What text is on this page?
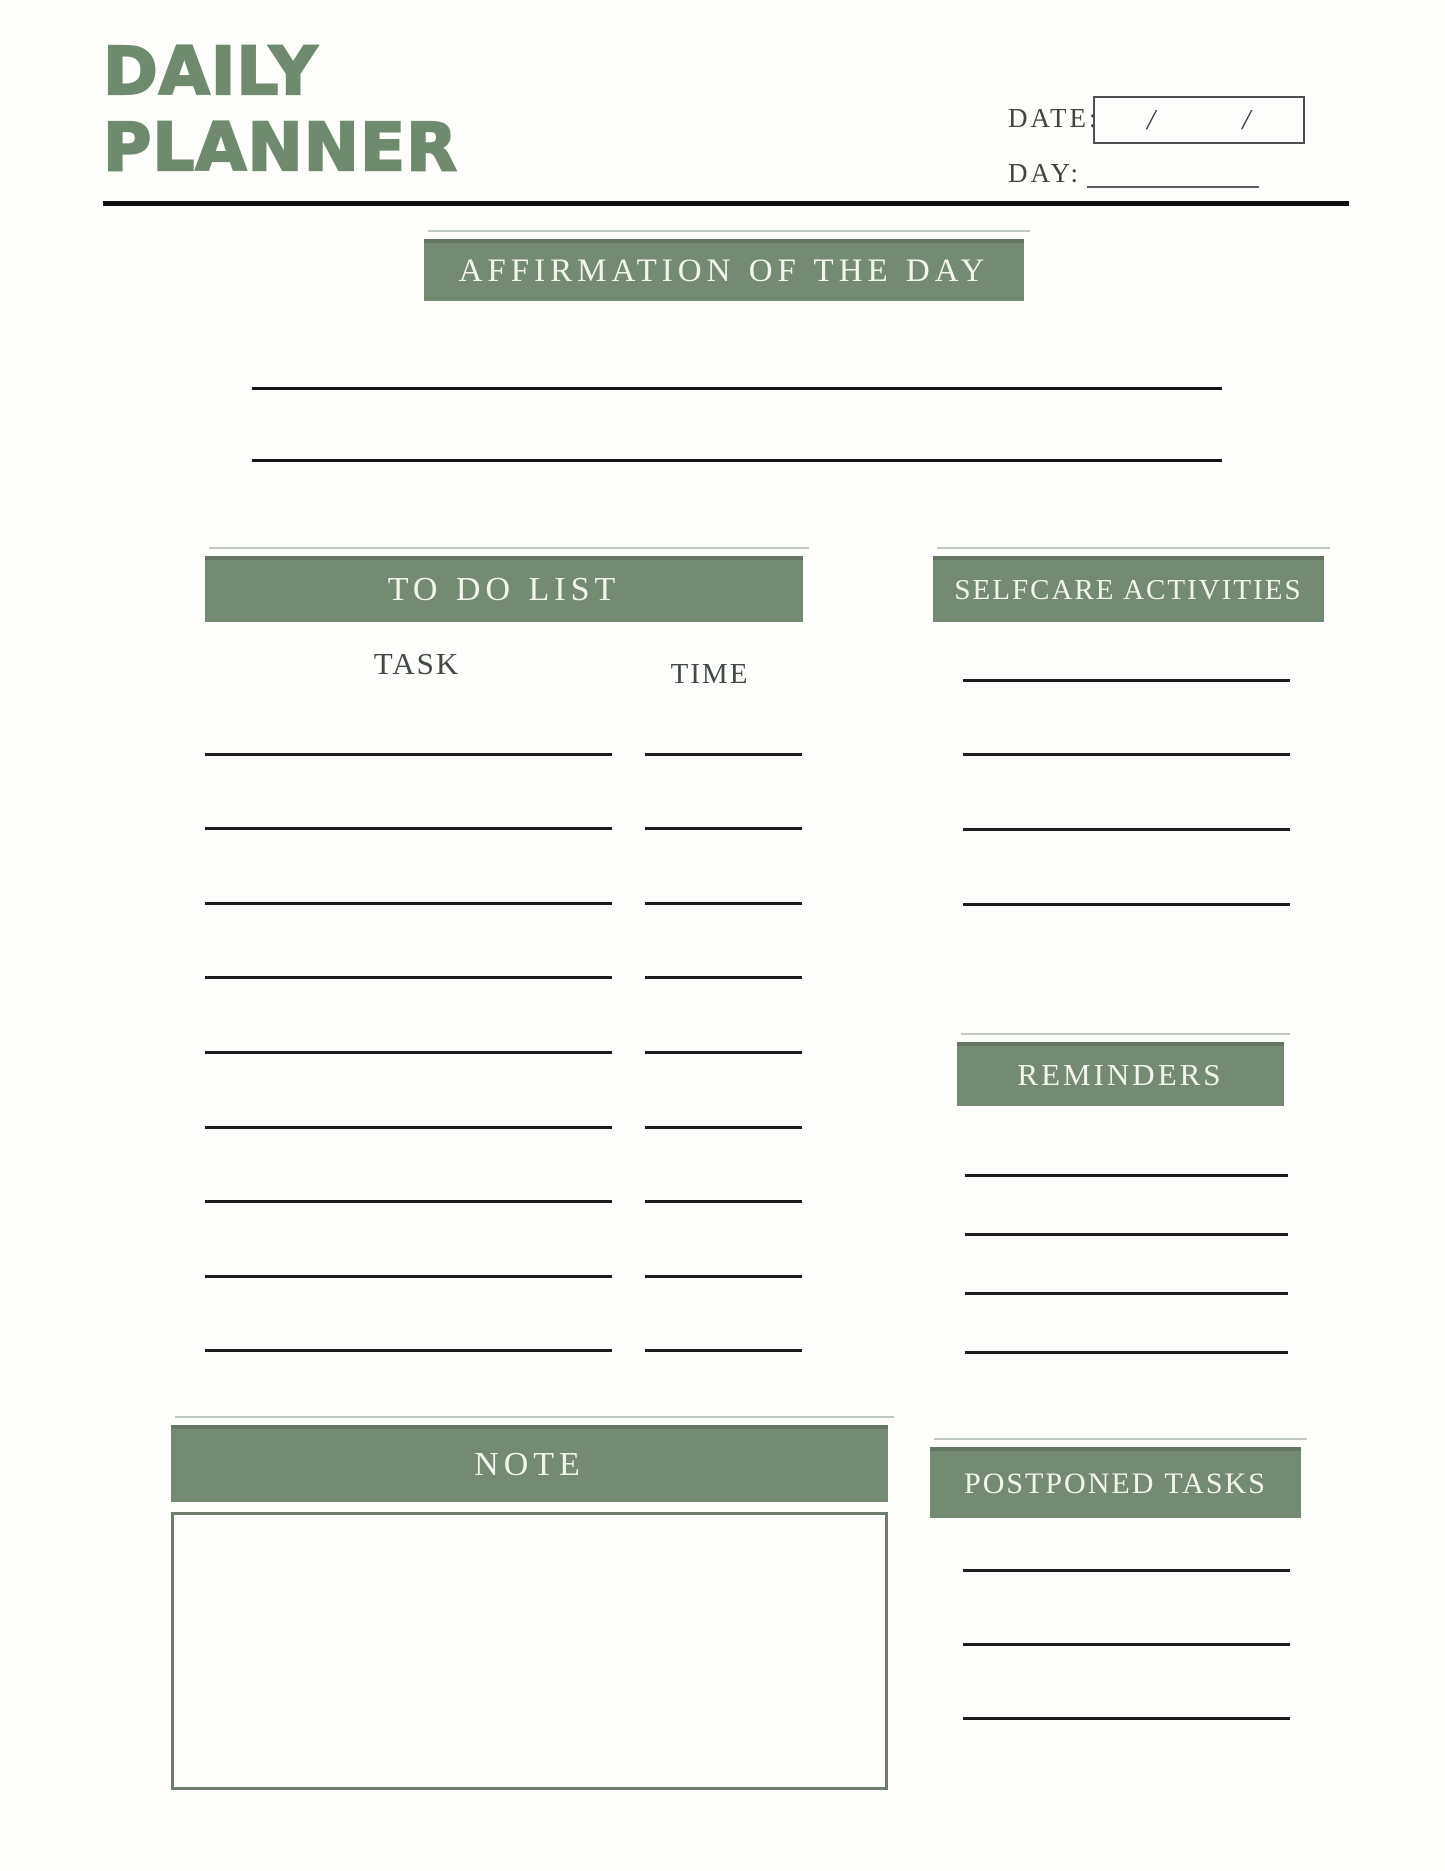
DAILY
PLANNER	DATE: / /
DAY:
AFFIRMATION OF THE DAY
TO DO LIST
TASK	TIME
SELFCARE ACTIVITIES
REMINDERS
NOTE
POSTPONED TASKS
